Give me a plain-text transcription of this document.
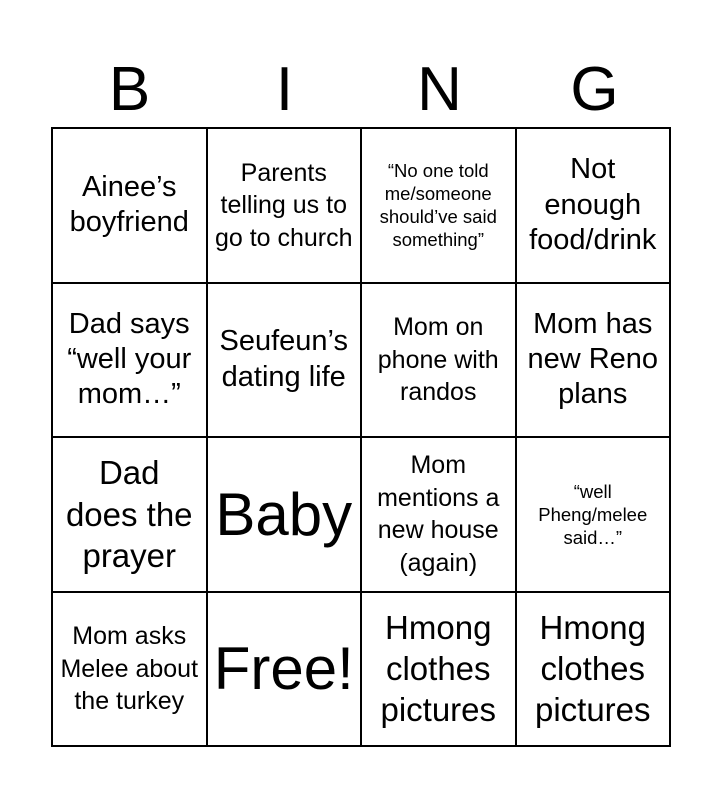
B	I	N	G
Ainee’s boyfriend
Parents telling us to go to church
“No one told me/someone should’ve said something”
Not enough food/drink
Dad says “well your mom…”
Seufeun’s dating life
Mom on phone with randos
Mom has new Reno plans
Dad does the prayer
Baby
Mom mentions a new house (again)
“well Pheng/melee said…”
Mom asks Melee about the turkey Free!
Hmong clothes pictures
Hmong clothes pictures
